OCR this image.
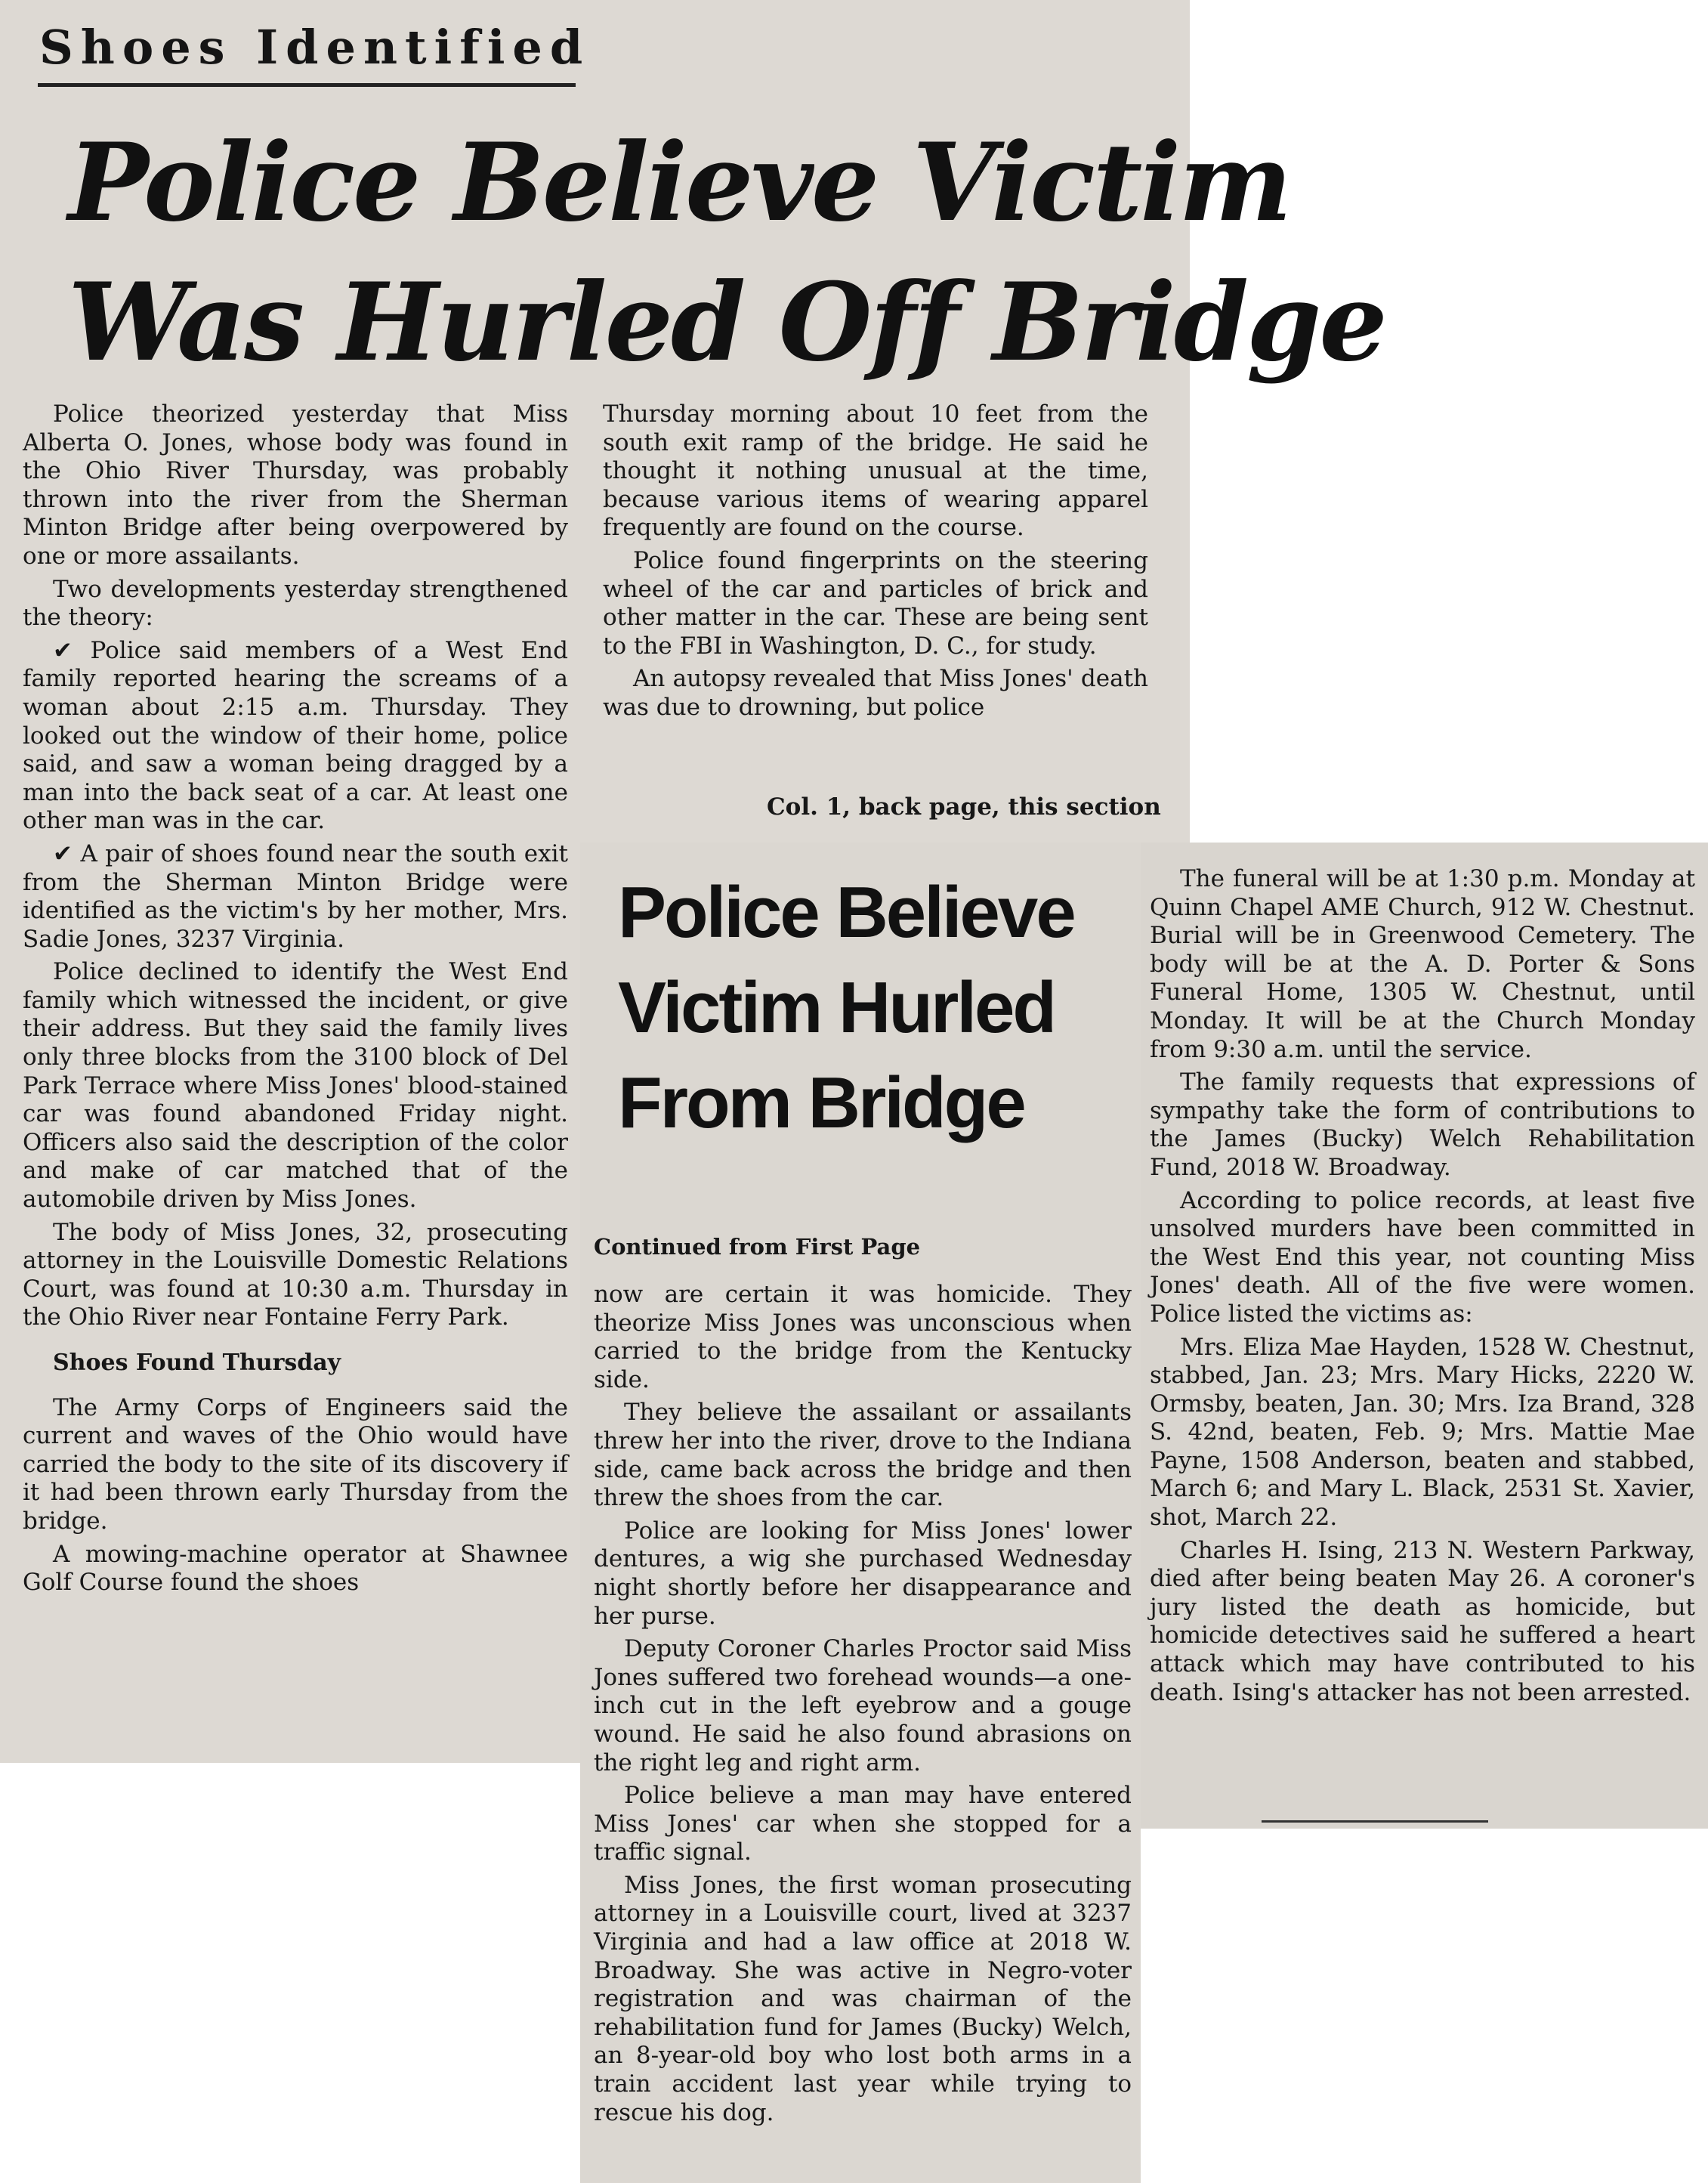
Shoes Identified
Police Believe Victim
Was Hurled Off Bridge

Police theorized yesterday that Miss Alberta O. Jones, whose body was found in the Ohio River Thursday, was probably thrown into the river from the Sherman Minton Bridge after being overpowered by one or more assailants.

Two developments yesterday strengthened the theory:

✔ Police said members of a West End family reported hearing the screams of a woman about 2:15 a.m. Thursday. They looked out the window of their home, police said, and saw a woman being dragged by a man into the back seat of a car. At least one other man was in the car.

✔ A pair of shoes found near the south exit from the Sherman Minton Bridge were identified as the victim's by her mother, Mrs. Sadie Jones, 3237 Virginia.

Police declined to identify the West End family which witnessed the incident, or give their address. But they said the family lives only three blocks from the 3100 block of Del Park Terrace where Miss Jones' blood-stained car was found abandoned Friday night. Officers also said the description of the color and make of car matched that of the automobile driven by Miss Jones.

The body of Miss Jones, 32, prosecuting attorney in the Louisville Domestic Relations Court, was found at 10:30 a.m. Thursday in the Ohio River near Fontaine Ferry Park.

Shoes Found Thursday

The Army Corps of Engineers said the current and waves of the Ohio would have carried the body to the site of its discovery if it had been thrown early Thursday from the bridge.

A mowing-machine operator at Shawnee Golf Course found the shoes

Thursday morning about 10 feet from the south exit ramp of the bridge. He said he thought it nothing unusual at the time, because various items of wearing apparel frequently are found on the course.

Police found fingerprints on the steering wheel of the car and particles of brick and other matter in the car. These are being sent to the FBI in Washington, D. C., for study.

An autopsy revealed that Miss Jones' death was due to drowning, but police

Col. 1, back page, this section
Police Believe
Victim Hurled
From Bridge
Continued from First Page

now are certain it was homicide. They theorize Miss Jones was unconscious when carried to the bridge from the Kentucky side.

They believe the assailant or assailants threw her into the river, drove to the Indiana side, came back across the bridge and then threw the shoes from the car.

Police are looking for Miss Jones' lower dentures, a wig she purchased Wednesday night shortly before her disappearance and her purse.

Deputy Coroner Charles Proctor said Miss Jones suffered two forehead wounds—a one-inch cut in the left eyebrow and a gouge wound. He said he also found abrasions on the right leg and right arm.

Police believe a man may have entered Miss Jones' car when she stopped for a traffic signal.

Miss Jones, the first woman prosecuting attorney in a Louisville court, lived at 3237 Virginia and had a law office at 2018 W. Broadway. She was active in Negro-voter registration and was chairman of the rehabilitation fund for James (Bucky) Welch, an 8-year-old boy who lost both arms in a train accident last year while trying to rescue his dog.

The funeral will be at 1:30 p.m. Monday at Quinn Chapel AME Church, 912 W. Chestnut. Burial will be in Greenwood Cemetery. The body will be at the A. D. Porter & Sons Funeral Home, 1305 W. Chestnut, until Monday. It will be at the Church Monday from 9:30 a.m. until the service.

The family requests that expressions of sympathy take the form of contributions to the James (Bucky) Welch Rehabilitation Fund, 2018 W. Broadway.

According to police records, at least five unsolved murders have been committed in the West End this year, not counting Miss Jones' death. All of the five were women. Police listed the victims as:

Mrs. Eliza Mae Hayden, 1528 W. Chestnut, stabbed, Jan. 23; Mrs. Mary Hicks, 2220 W. Ormsby, beaten, Jan. 30; Mrs. Iza Brand, 328 S. 42nd, beaten, Feb. 9; Mrs. Mattie Mae Payne, 1508 Anderson, beaten and stabbed, March 6; and Mary L. Black, 2531 St. Xavier, shot, March 22.

Charles H. Ising, 213 N. Western Parkway, died after being beaten May 26. A coroner's jury listed the death as homicide, but homicide detectives said he suffered a heart attack which may have contributed to his death. Ising's attacker has not been arrested.
